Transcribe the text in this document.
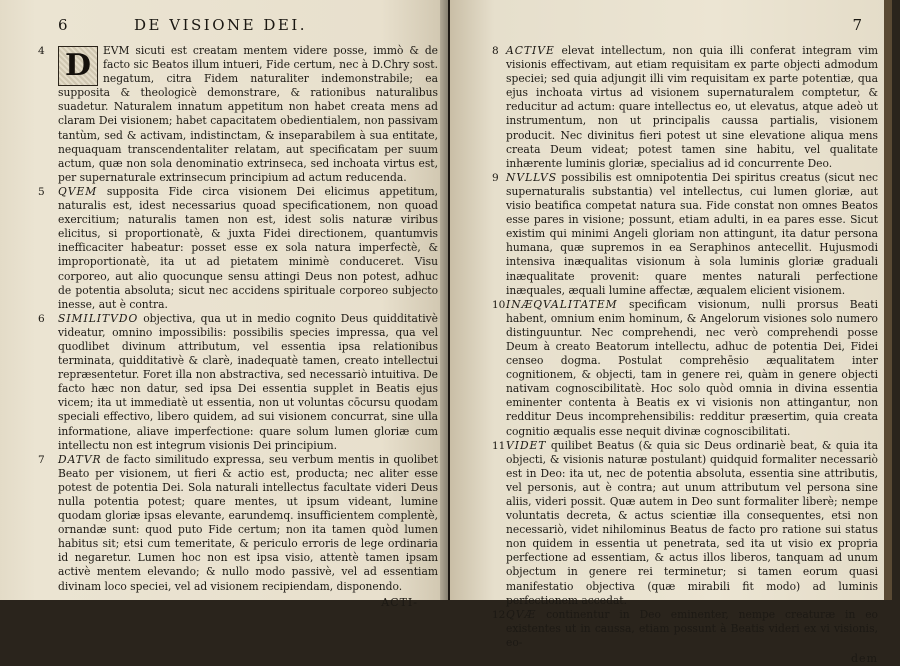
6	DE VISIONE DEI.

4 D	EVM sicuti est creatam mentem videre posse, immò & de facto sic Beatos illum intueri, Fide certum, nec à D.Chry sost. negatum, citra Fidem naturaliter indemonstrabile; ea supposita & theologicè demonstrare, & rationibus naturalibus suadetur. Naturalem innatum appetitum non habet creata mens ad claram Dei visionem; habet capacitatem obedientialem, non passivam tantùm, sed & activam, indistinctam, & inseparabilem à sua entitate, nequaquam transcendentaliter relatam, aut specificatam per suum actum, quæ non sola denominatio extrinseca, sed inchoata virtus est, per supernaturale extrinsecum principium ad actum reducenda.

5 QVEM supposita Fide circa visionem Dei elicimus appetitum, naturalis est, idest necessarius quoad specificationem, non quoad exercitium; naturalis tamen non est, idest solis naturæ viribus elicitus, si proportionatè, & juxta Fidei directionem, quantumvis inefficaciter habeatur: posset esse ex sola natura imperfectè, & improportionatè, ita ut ad pietatem minimè conduceret. Visu corporeo, aut alio quocunque sensu attingi Deus non potest, adhuc de potentia absoluta; sicut nec accidens spirituale corporeo subjecto inesse, aut è contra.

6 SIMILITVDO objectiva, qua ut in medio cognito Deus quidditativè videatur, omnino impossibilis: possibilis species impressa, qua vel quodlibet divinum attributum, vel essentia ipsa relationibus terminata, quidditativè & clarè, inadequatè tamen, creato intellectui repræsentetur. Foret illa non abstractiva, sed necessariò intuitiva. De facto hæc non datur, sed ipsa Dei essentia supplet in Beatis ejus vicem; ita ut immediatè ut essentia, non ut voluntas cōcursu quodam speciali effectivo, libero quidem, ad sui visionem concurrat, sine ulla informatione, aliave imperfectione: quare solum lumen gloriæ cum intellectu non est integrum visionis Dei principium.

7 DATVR de facto similitudo expressa, seu verbum mentis in quolibet Beato per visionem, ut fieri & actio est, producta; nec aliter esse potest de potentia Dei. Sola naturali intellectus facultate videri Deus nulla potentia potest; quare mentes, ut ipsum videant, lumine quodam gloriæ ipsas elevante, earundemq. insufficientem complentè, ornandæ sunt: quod puto Fide certum; non ita tamen quòd lumen habitus sit; etsi cum temeritate, & periculo erroris de lege ordinaria id negaretur. Lumen hoc non est ipsa visio, attentè tamen ipsam activè mentem elevando; & nullo modo passivè, vel ad essentiam divinam loco speciei, vel ad visionem recipiendam, disponendo.

ACTI-
7

8 ACTIVE elevat intellectum, non quia illi conferat integram vim visionis effectivam, aut etiam requisitam ex parte objecti admodum speciei; sed quia adjungit illi vim requisitam ex parte potentiæ, qua ejus inchoata virtus ad visionem supernaturalem comptetur, & reducitur ad actum: quare intellectus eo, ut elevatus, atque adeò ut instrumentum, non ut principalis caussa partialis, visionem producit. Nec divinitus fieri potest ut sine elevatione aliqua mens creata Deum videat; potest tamen sine habitu, vel qualitate inhærente luminis gloriæ, specialius ad id concurrente Deo.

9 NVLLVS possibilis est omnipotentia Dei spiritus creatus (sicut nec supernaturalis substantia) vel intellectus, cui lumen gloriæ, aut visio beatifica competat natura sua. Fide constat non omnes Beatos esse pares in visione; possunt, etiam adulti, in ea pares esse. Sicut existim qui minimi Angeli gloriam non attingunt, ita datur persona humana, quæ supremos in ea Seraphinos antecellit. Hujusmodi intensiva inæqualitas visionum à sola luminis gloriæ graduali inæqualitate provenit: quare mentes naturali perfectione inæquales, æquali lumine affectæ, æqualem elicient visionem.

10 INÆQVALITATEM specificam visionum, nulli prorsus Beati habent, omnium enim hominum, & Angelorum visiones solo numero distinguuntur. Nec comprehendi, nec verò comprehendi posse Deum à creato Beatorum intellectu, adhuc de potentia Dei, Fidei censeo dogma. Postulat comprehēsio æqualitatem inter cognitionem, & objecti, tam in genere rei, quàm in genere objecti nativam cognoscibilitatè. Hoc solo quòd omnia in divina essentia eminenter contenta à Beatis ex vi visionis non attingantur, non redditur Deus incomprehensibilis: redditur præsertim, quia creata cognitio æqualis esse nequit divinæ cognoscibilitati.

11 VIDET quilibet Beatus (& quia sic Deus ordinariè beat, & quia ita objecti, & visionis naturæ postulant) quidquid formaliter necessariò est in Deo: ita ut, nec de potentia absoluta, essentia sine attributis, vel personis, aut è contra; aut unum attributum vel persona sine aliis, videri possit. Quæ autem in Deo sunt formaliter liberè; nempe voluntatis decreta, & actus scientiæ illa consequentes, etsi non necessariò, videt nihilominus Beatus de facto pro ratione sui status non quidem in essentia ut penetrata, sed ita ut visio ex propria perfectione ad essentiam, & actus illos liberos, tanquam ad unum objectum in genere rei terminetur; si tamen eorum quasi manifestatio objectiva (quæ mirabili fit modo) ad luminis perfectionem accedat.

12 QVÆ continentur in Deo eminenter, nempe creaturæ in eo existentes ut in caussa, etiam possunt à Beatis videri ex vi visionis, eo-

dem
